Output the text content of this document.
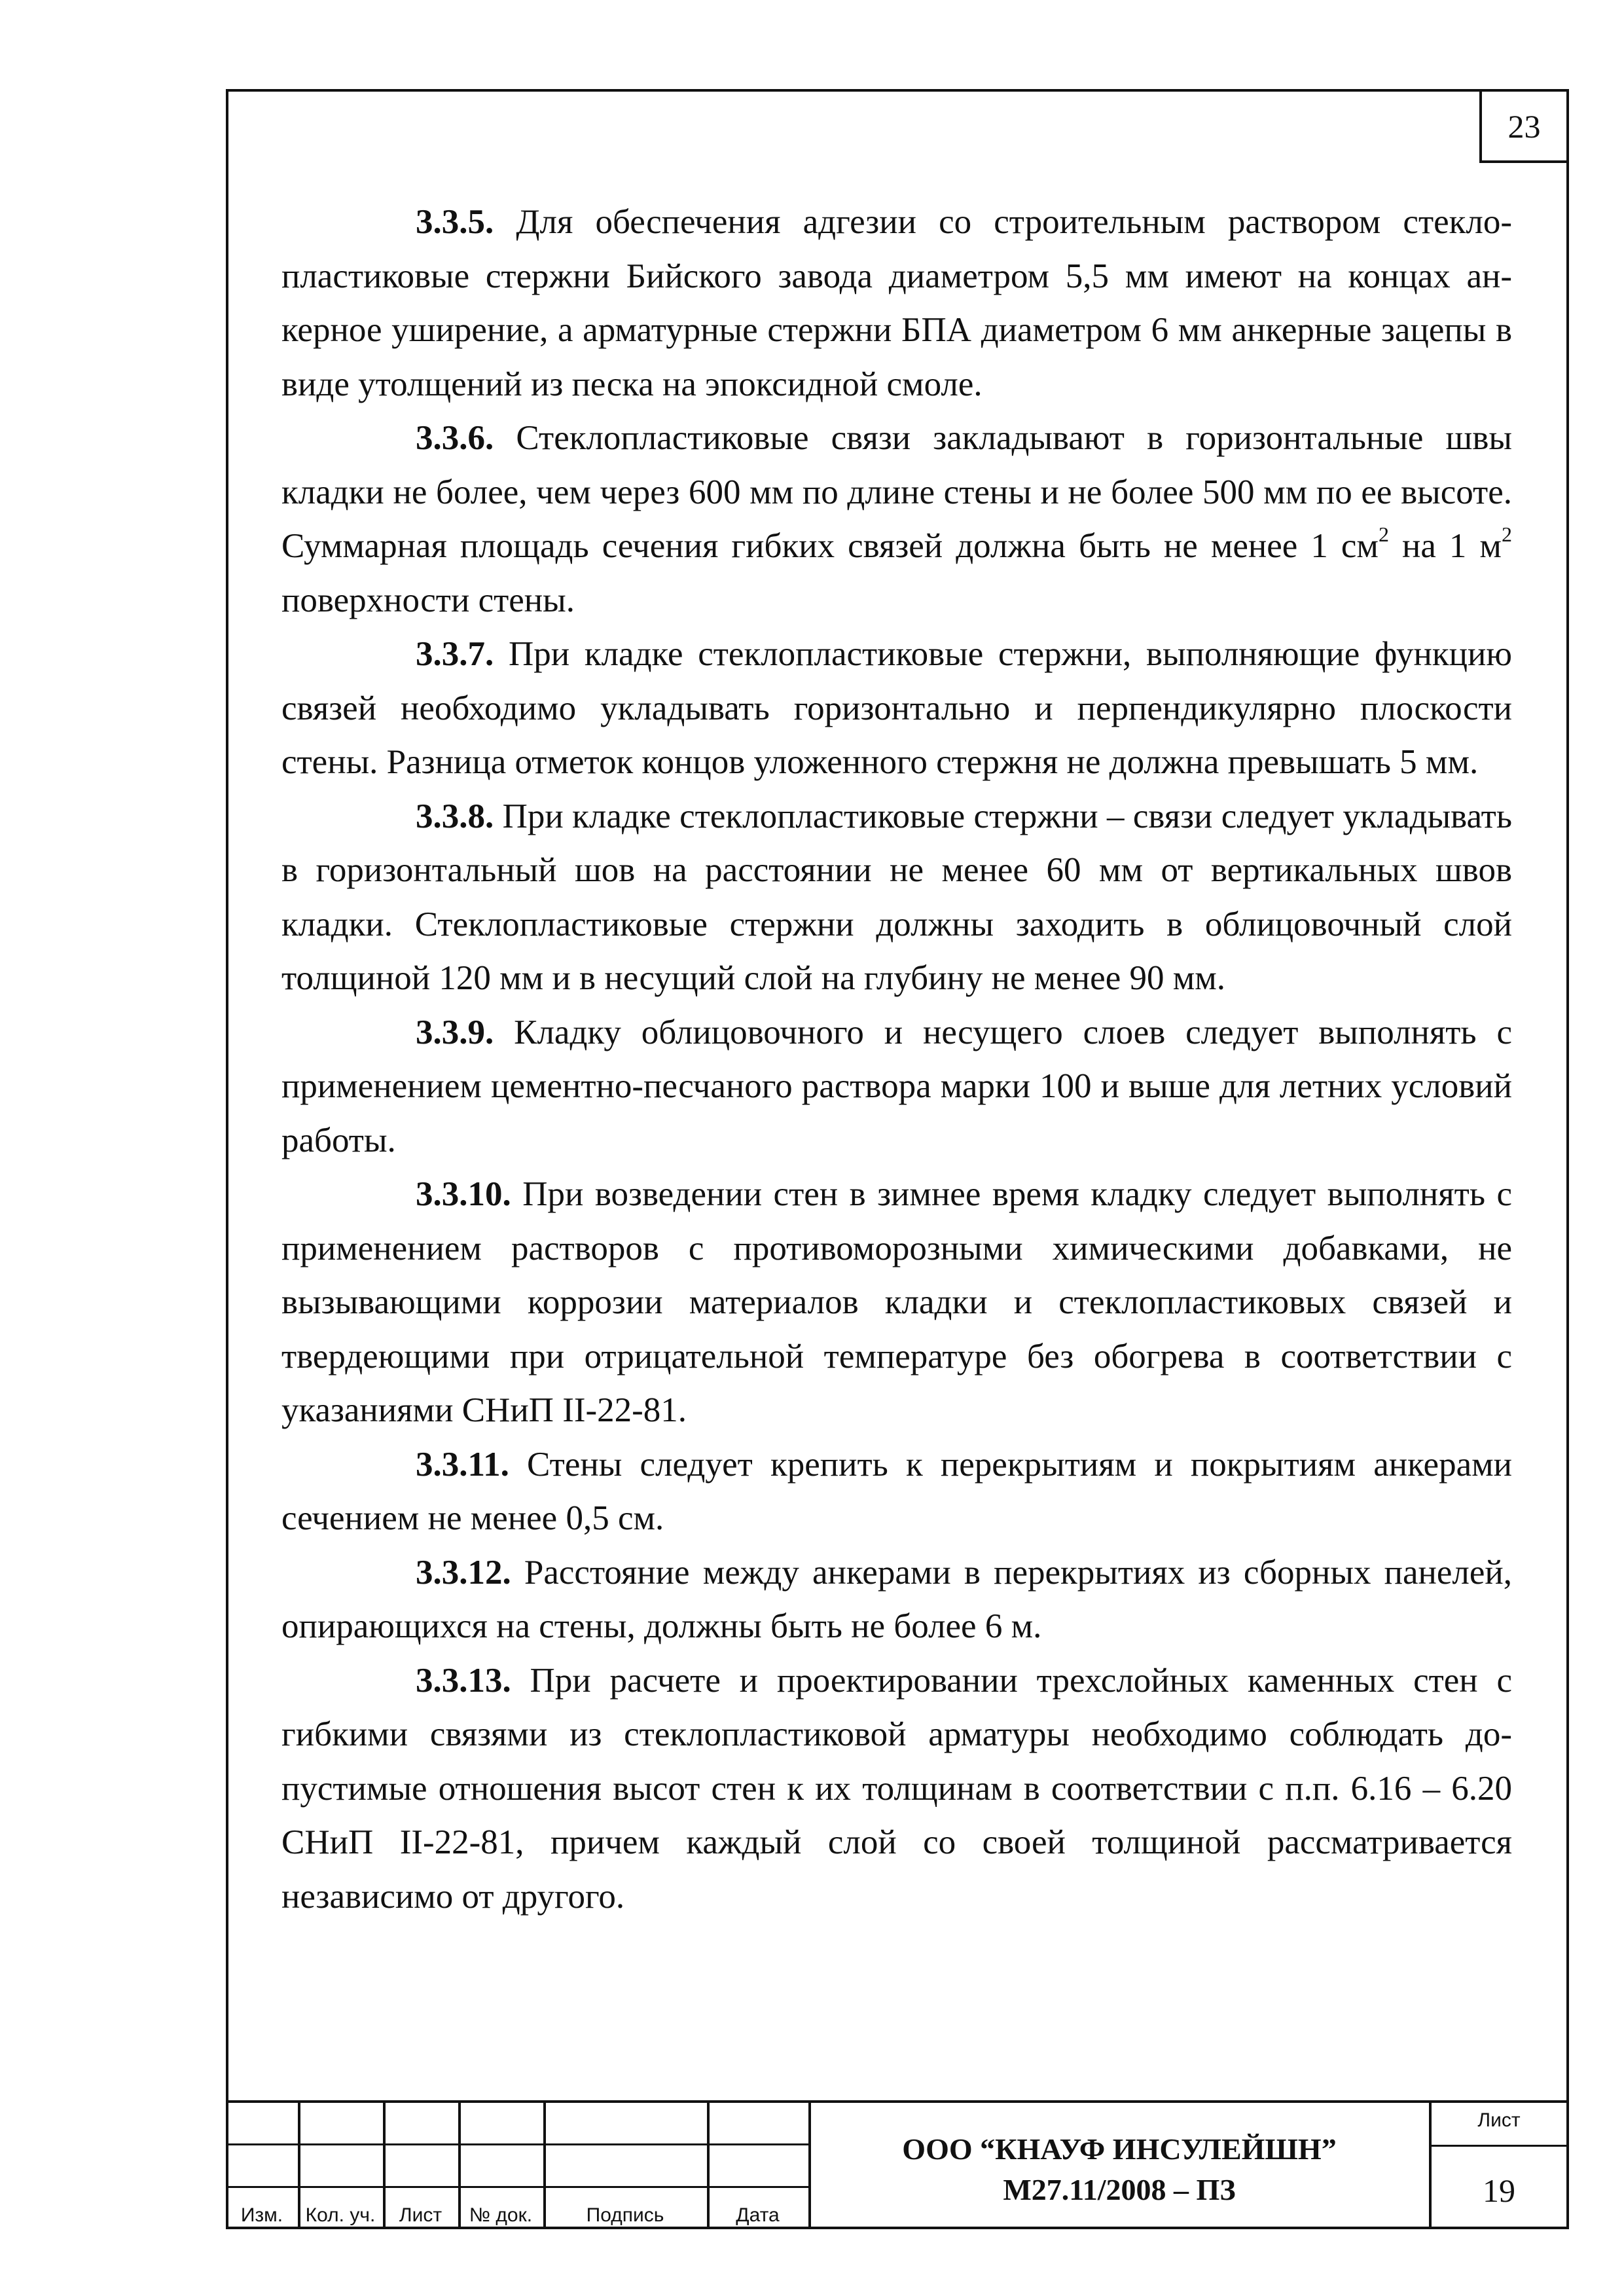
23

3.3.5. Для обеспечения адгезии со строительным раствором стеклопластиковые стержни Бийского завода диаметром 5,5 мм имеют на концах анкерное уширение, а арматурные стержни БПА диаметром 6 мм анкерные зацепы в виде утолщений из песка на эпоксидной смоле.

3.3.6. Стеклопластиковые связи закладывают в горизонтальные швы кладки не более, чем через 600 мм по длине стены и не более 500 мм по ее высоте. Суммарная площадь сечения гибких связей должна быть не менее 1 $см^2$ на 1 $м^2$ поверхности стены.

3.3.7. При кладке стеклопластиковые стержни, выполняющие функцию связей необходимо укладывать горизонтально и перпендикулярно плоскости стены. Разница отметок концов уложенного стержня не должна превышать 5 мм.

3.3.8. При кладке стеклопластиковые стержни – связи следует укладывать в горизонтальный шов на расстоянии не менее 60 мм от вертикальных швов кладки. Стеклопластиковые стержни должны заходить в облицовочный слой толщиной 120 мм и в несущий слой на глубину не менее 90 мм.

3.3.9. Кладку облицовочного и несущего слоев следует выполнять с применением цементно-песчаного раствора марки 100 и выше для летних условий работы.

3.3.10. При возведении стен в зимнее время кладку следует выполнять с применением растворов с противоморозными химическими добавками, не вызывающими коррозии материалов кладки и стеклопластиковых связей и твердеющими при отрицательной температуре без обогрева в соответствии с указаниями СНиП II-22-81.

3.3.11. Стены следует крепить к перекрытиям и покрытиям анкерами сечением не менее 0,5 см.

3.3.12. Расстояние между анкерами в перекрытиях из сборных панелей, опирающихся на стены, должны быть не более 6 м.

3.3.13. При расчете и проектировании трехслойных каменных стен с гибкими связями из стеклопластиковой арматуры необходимо соблюдать допустимые отношения высот стен к их толщинам в соответствии с п.п. 6.16 – 6.20 СНиП II-22-81, причем каждый слой со своей толщиной рассматривается независимо от другого.

Изм.	Кол. уч.	Лист	№ док.	Подпись	Дата
ООО “КНАУФ ИНСУЛЕЙШН”
М27.11/2008 – ПЗ
Лист
19
